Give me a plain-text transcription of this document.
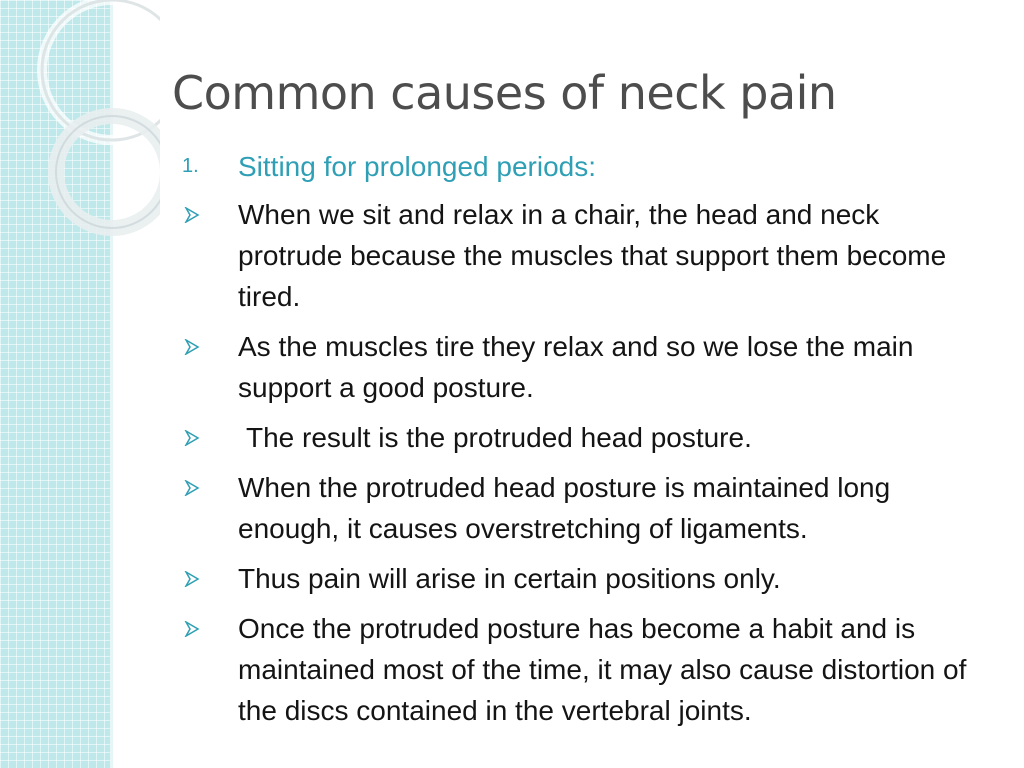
Common causes of neck pain
1.	Sitting for prolonged periods:
When we sit and relax in a chair, the head and neck protrude because the muscles that support them become tired.
As the muscles tire they relax and so we lose the main support a good posture.
The result is the protruded head posture.
When the protruded head posture is maintained long enough, it causes overstretching of ligaments.
Thus pain will arise in certain positions only.
Once the protruded posture has become a habit and is maintained most of the time, it may also cause distortion of the discs contained in the vertebral joints.
